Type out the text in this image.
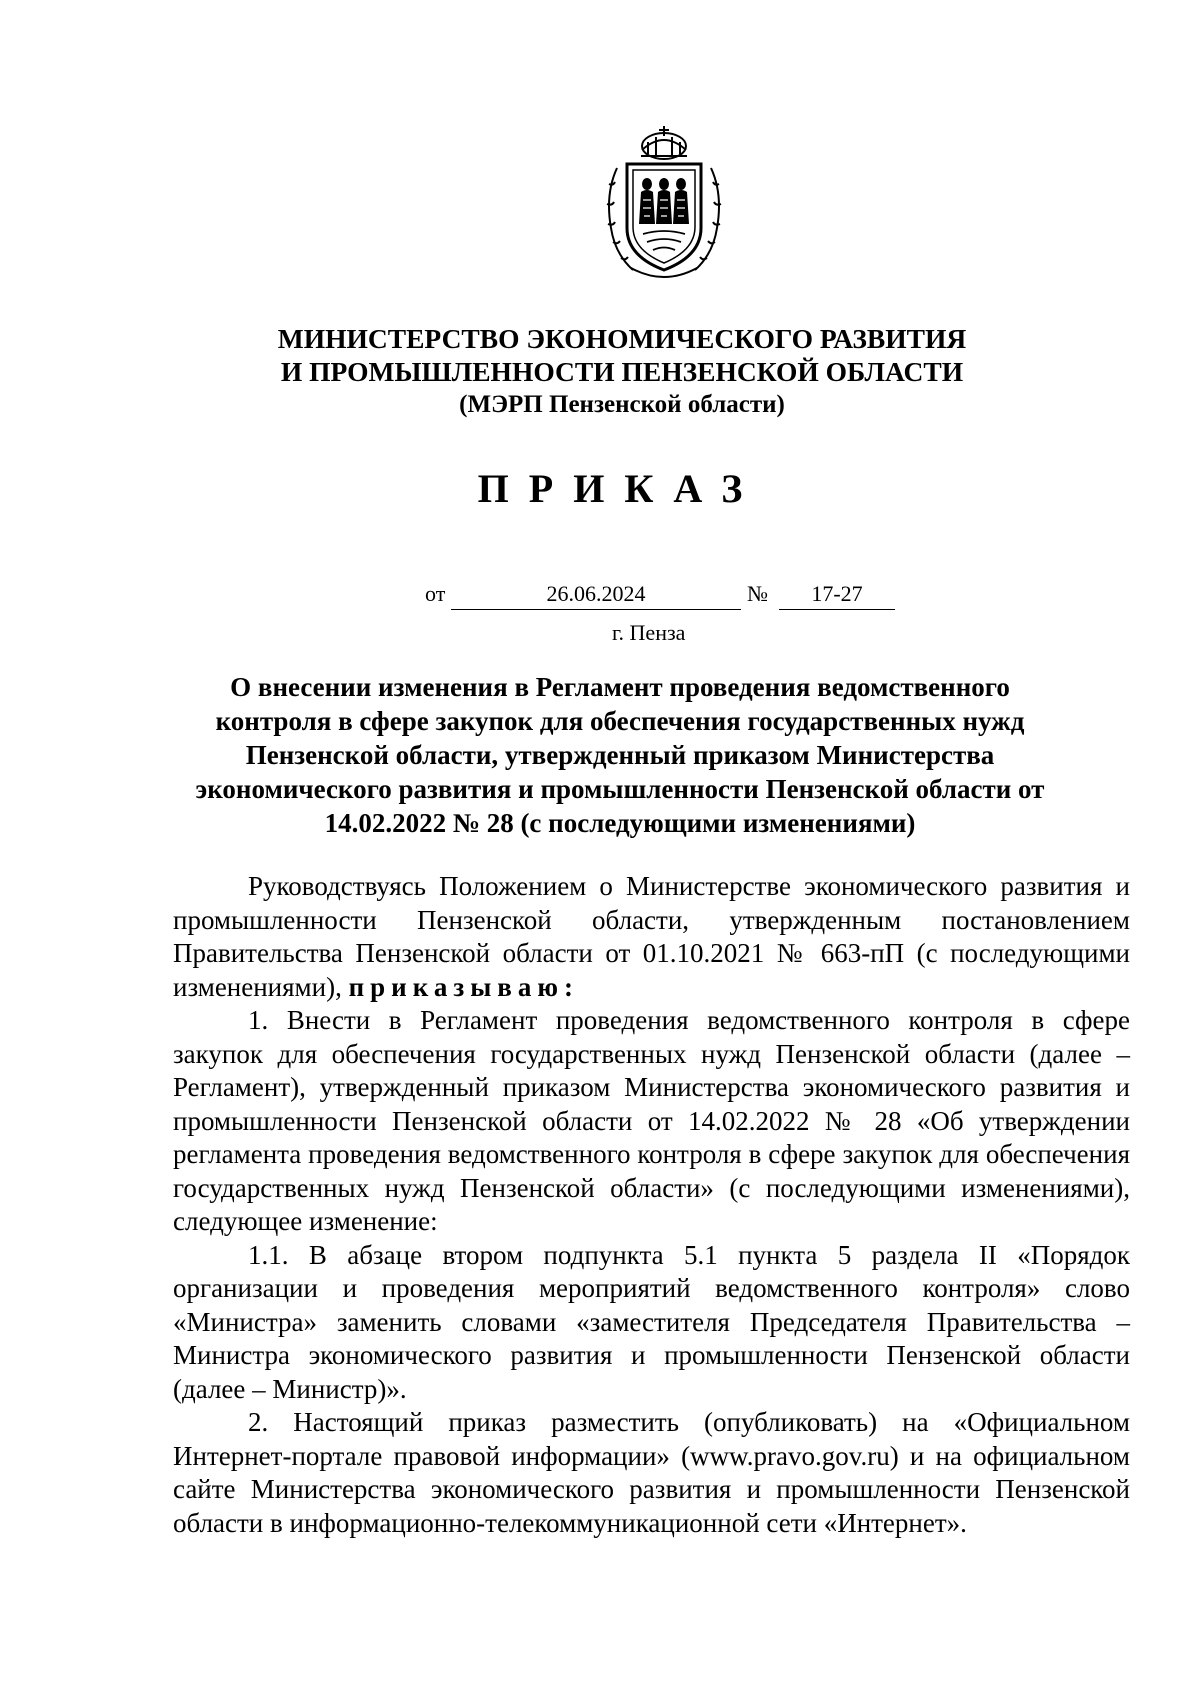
МИНИСТЕРСТВО ЭКОНОМИЧЕСКОГО РАЗВИТИЯ
И ПРОМЫШЛЕННОСТИ ПЕНЗЕНСКОЙ ОБЛАСТИ
(МЭРП Пензенской области)
ПРИКАЗ
от	26.06.2024	№	17-27
г. Пенза
О внесении изменения в Регламент проведения ведомственного контроля в сфере закупок для обеспечения государственных нужд Пензенской области, утвержденный приказом Министерства экономического развития и промышленности Пензенской области от 14.02.2022 № 28 (с последующими изменениями)

Руководствуясь Положением о Министерстве экономического развития и промышленности Пензенской области, утвержденным постановлением Правительства Пензенской области от 01.10.2021 № 663-пП (с последующими изменениями), приказываю:

1. Внести в Регламент проведения ведомственного контроля в сфере закупок для обеспечения государственных нужд Пензенской области (далее – Регламент), утвержденный приказом Министерства экономического развития и промышленности Пензенской области от 14.02.2022 № 28 «Об утверждении регламента проведения ведомственного контроля в сфере закупок для обеспечения государственных нужд Пензенской области» (с последующими изменениями), следующее изменение:

1.1. В абзаце втором подпункта 5.1 пункта 5 раздела II «Порядок организации и проведения мероприятий ведомственного контроля» слово «Министра» заменить словами «заместителя Председателя Правительства – Министра экономического развития и промышленности Пензенской области (далее – Министр)».

2. Настоящий приказ разместить (опубликовать) на «Официальном Интернет-портале правовой информации» (www.pravo.gov.ru) и на официальном сайте Министерства экономического развития и промышленности Пензенской области в информационно-телекоммуникационной сети «Интернет».
